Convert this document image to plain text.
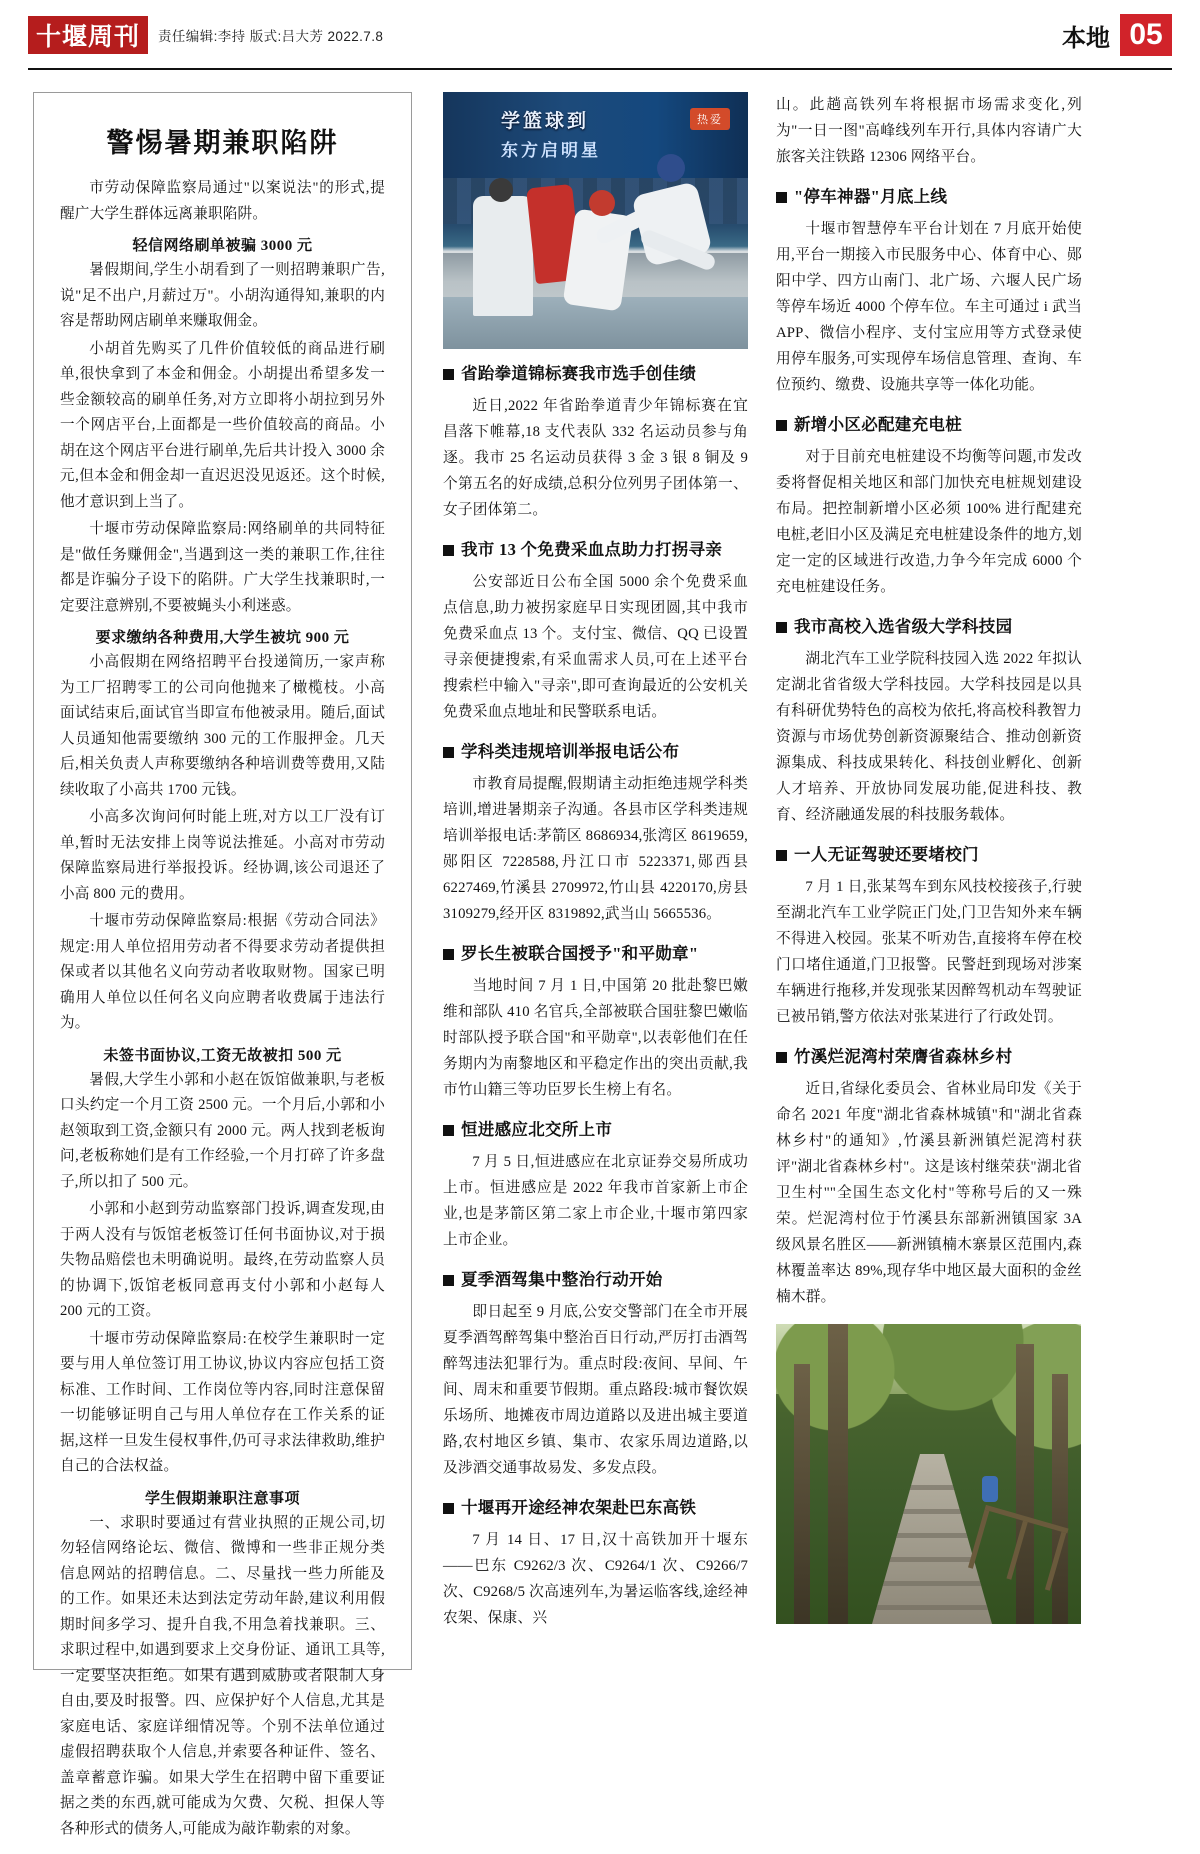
十堰周刊	责任编辑:李持 版式:吕大芳 2022.7.8	本地 05
警惕暑期兼职陷阱

市劳动保障监察局通过"以案说法"的形式,提醒广大学生群体远离兼职陷阱。

轻信网络刷单被骗 3000 元

暑假期间,学生小胡看到了一则招聘兼职广告,说"足不出户,月薪过万"。小胡沟通得知,兼职的内容是帮助网店刷单来赚取佣金。

小胡首先购买了几件价值较低的商品进行刷单,很快拿到了本金和佣金。小胡提出希望多发一些金额较高的刷单任务,对方立即将小胡拉到另外一个网店平台,上面都是一些价值较高的商品。小胡在这个网店平台进行刷单,先后共计投入 3000 余元,但本金和佣金却一直迟迟没见返还。这个时候,他才意识到上当了。

十堰市劳动保障监察局:网络刷单的共同特征是"做任务赚佣金",当遇到这一类的兼职工作,往往都是诈骗分子设下的陷阱。广大学生找兼职时,一定要注意辨别,不要被蝇头小利迷惑。

要求缴纳各种费用,大学生被坑 900 元

小高假期在网络招聘平台投递简历,一家声称为工厂招聘零工的公司向他抛来了橄榄枝。小高面试结束后,面试官当即宣布他被录用。随后,面试人员通知他需要缴纳 300 元的工作服押金。几天后,相关负责人声称要缴纳各种培训费等费用,又陆续收取了小高共 1700 元钱。

小高多次询问何时能上班,对方以工厂没有订单,暂时无法安排上岗等说法推延。小高对市劳动保障监察局进行举报投诉。经协调,该公司退还了小高 800 元的费用。

十堰市劳动保障监察局:根据《劳动合同法》规定:用人单位招用劳动者不得要求劳动者提供担保或者以其他名义向劳动者收取财物。国家已明确用人单位以任何名义向应聘者收费属于违法行为。

未签书面协议,工资无故被扣 500 元

暑假,大学生小郭和小赵在饭馆做兼职,与老板口头约定一个月工资 2500 元。一个月后,小郭和小赵领取到工资,金额只有 2000 元。两人找到老板询问,老板称她们是有工作经验,一个月打碎了许多盘子,所以扣了 500 元。

小郭和小赵到劳动监察部门投诉,调查发现,由于两人没有与饭馆老板签订任何书面协议,对于损失物品赔偿也未明确说明。最终,在劳动监察人员的协调下,饭馆老板同意再支付小郭和小赵每人 200 元的工资。

十堰市劳动保障监察局:在校学生兼职时一定要与用人单位签订用工协议,协议内容应包括工资标准、工作时间、工作岗位等内容,同时注意保留一切能够证明自己与用人单位存在工作关系的证据,这样一旦发生侵权事件,仍可寻求法律救助,维护自己的合法权益。

学生假期兼职注意事项

一、求职时要通过有营业执照的正规公司,切勿轻信网络论坛、微信、微博和一些非正规分类信息网站的招聘信息。二、尽量找一些力所能及的工作。如果还未达到法定劳动年龄,建议利用假期时间多学习、提升自我,不用急着找兼职。三、求职过程中,如遇到要求上交身份证、通讯工具等,一定要坚决拒绝。如果有遇到威胁或者限制人身自由,要及时报警。四、应保护好个人信息,尤其是家庭电话、家庭详细情况等。个别不法单位通过虚假招聘获取个人信息,并索要各种证件、签名、盖章蓄意诈骗。如果大学生在招聘中留下重要证据之类的东西,就可能成为欠费、欠税、担保人等各种形式的债务人,可能成为敲诈勒索的对象。

学篮球到
东方启明星
热爱
省跆拳道锦标赛我市选手创佳绩

近日,2022 年省跆拳道青少年锦标赛在宜昌落下帷幕,18 支代表队 332 名运动员参与角逐。我市 25 名运动员获得 3 金 3 银 8 铜及 9 个第五名的好成绩,总积分位列男子团体第一、女子团体第二。

我市 13 个免费采血点助力打拐寻亲

公安部近日公布全国 5000 余个免费采血点信息,助力被拐家庭早日实现团圆,其中我市免费采血点 13 个。支付宝、微信、QQ 已设置寻亲便捷搜索,有采血需求人员,可在上述平台搜索栏中输入"寻亲",即可查询最近的公安机关免费采血点地址和民警联系电话。

学科类违规培训举报电话公布

市教育局提醒,假期请主动拒绝违规学科类培训,增进暑期亲子沟通。各县市区学科类违规培训举报电话:茅箭区 8686934,张湾区 8619659,郧阳区 7228588,丹江口市 5223371,郧西县 6227469,竹溪县 2709972,竹山县 4220170,房县 3109279,经开区 8319892,武当山 5665536。

罗长生被联合国授予"和平勋章"

当地时间 7 月 1 日,中国第 20 批赴黎巴嫩维和部队 410 名官兵,全部被联合国驻黎巴嫩临时部队授予联合国"和平勋章",以表彰他们在任务期内为南黎地区和平稳定作出的突出贡献,我市竹山籍三等功臣罗长生榜上有名。

恒进感应北交所上市

7 月 5 日,恒进感应在北京证券交易所成功上市。恒进感应是 2022 年我市首家新上市企业,也是茅箭区第二家上市企业,十堰市第四家上市企业。

夏季酒驾集中整治行动开始

即日起至 9 月底,公安交警部门在全市开展夏季酒驾醉驾集中整治百日行动,严厉打击酒驾醉驾违法犯罪行为。重点时段:夜间、早间、午间、周末和重要节假期。重点路段:城市餐饮娱乐场所、地摊夜市周边道路以及进出城主要道路,农村地区乡镇、集市、农家乐周边道路,以及涉酒交通事故易发、多发点段。

十堰再开途经神农架赴巴东高铁

7 月 14 日、17 日,汉十高铁加开十堰东——巴东 C9262/3 次、C9264/1 次、C9266/7 次、C9268/5 次高速列车,为暑运临客线,途经神农架、保康、兴

山。此趟高铁列车将根据市场需求变化,列为"一日一图"高峰线列车开行,具体内容请广大旅客关注铁路 12306 网络平台。

"停车神器"月底上线

十堰市智慧停车平台计划在 7 月底开始使用,平台一期接入市民服务中心、体育中心、郧阳中学、四方山南门、北广场、六堰人民广场等停车场近 4000 个停车位。车主可通过 i 武当 APP、微信小程序、支付宝应用等方式登录使用停车服务,可实现停车场信息管理、查询、车位预约、缴费、设施共享等一体化功能。

新增小区必配建充电桩

对于目前充电桩建设不均衡等问题,市发改委将督促相关地区和部门加快充电桩规划建设布局。把控制新增小区必须 100% 进行配建充电桩,老旧小区及满足充电桩建设条件的地方,划定一定的区域进行改造,力争今年完成 6000 个充电桩建设任务。

我市高校入选省级大学科技园

湖北汽车工业学院科技园入选 2022 年拟认定湖北省省级大学科技园。大学科技园是以具有科研优势特色的高校为依托,将高校科教智力资源与市场优势创新资源聚结合、推动创新资源集成、科技成果转化、科技创业孵化、创新人才培养、开放协同发展功能,促进科技、教育、经济融通发展的科技服务载体。

一人无证驾驶还要堵校门

7 月 1 日,张某驾车到东风技校接孩子,行驶至湖北汽车工业学院正门处,门卫告知外来车辆不得进入校园。张某不听劝告,直接将车停在校门口堵住通道,门卫报警。民警赶到现场对涉案车辆进行拖移,并发现张某因醉驾机动车驾驶证已被吊销,警方依法对张某进行了行政处罚。

竹溪烂泥湾村荣膺省森林乡村

近日,省绿化委员会、省林业局印发《关于命名 2021 年度"湖北省森林城镇"和"湖北省森林乡村"的通知》,竹溪县新洲镇烂泥湾村获评"湖北省森林乡村"。这是该村继荣获"湖北省卫生村""全国生态文化村"等称号后的又一殊荣。烂泥湾村位于竹溪县东部新洲镇国家 3A 级风景名胜区——新洲镇楠木寨景区范围内,森林覆盖率达 89%,现存华中地区最大面积的金丝楠木群。
